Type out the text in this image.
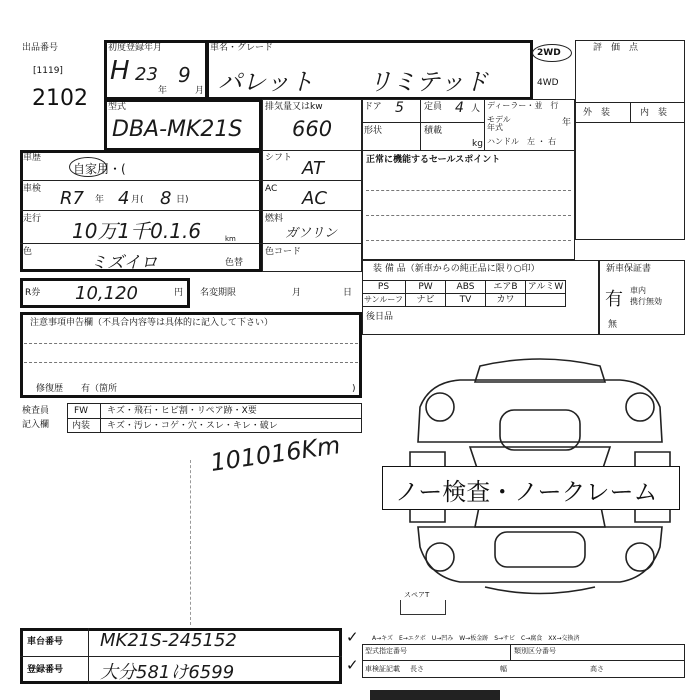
出品番号
[1119]
2102
初度登録年月
H 23
年
9
月
車名・グレード
パレット リミテッド
2WD
4WD
評　価　点
外　装	内　装
型式
DBA-MK21S
排気量又はkw
660
ドア 5 定員 4 人
形状	積載
kg
ディーラー・並　行
モデル年式	年
ハンドル　左 ・ 右
車歴
自家用・(
車検 R7 年 4 月( 8 日)
走行 10万1千0.1.6	km
色
ミズイロ	色替
シフト AT
AC AC
燃料
ガソリン
色コード
正常に機能するセールスポイント
R券 10,120	円 名変期限	月	日
装 備 品（新車からの純正品に限り○印）
PS	PW	ABS	エアB	アルミW
サンルーフ	ナビ	TV	カワ
後日品
新車保証書
有 車内
携行無効
無
注意事項申告欄（不具合内容等は具体的に記入して下さい）
修復歴　　有（箇所	)
検査員
記入欄
FW キズ・飛石・ヒビ割・リペア跡・X要
内装 キズ・汚レ・コゲ・穴・スレ・キレ・破レ
101016Km
ノー検査・ノークレーム
スペアT
車台番号 MK21S-245152
登録番号 大分581け6599
✓
✓
A→キズ　E→エクボ　U→凹み　W→板金跡　S→サビ　C→腐食　XX→交換済
型式指定番号	類別区分番号
車検証記載 長さ	幅	高さ
